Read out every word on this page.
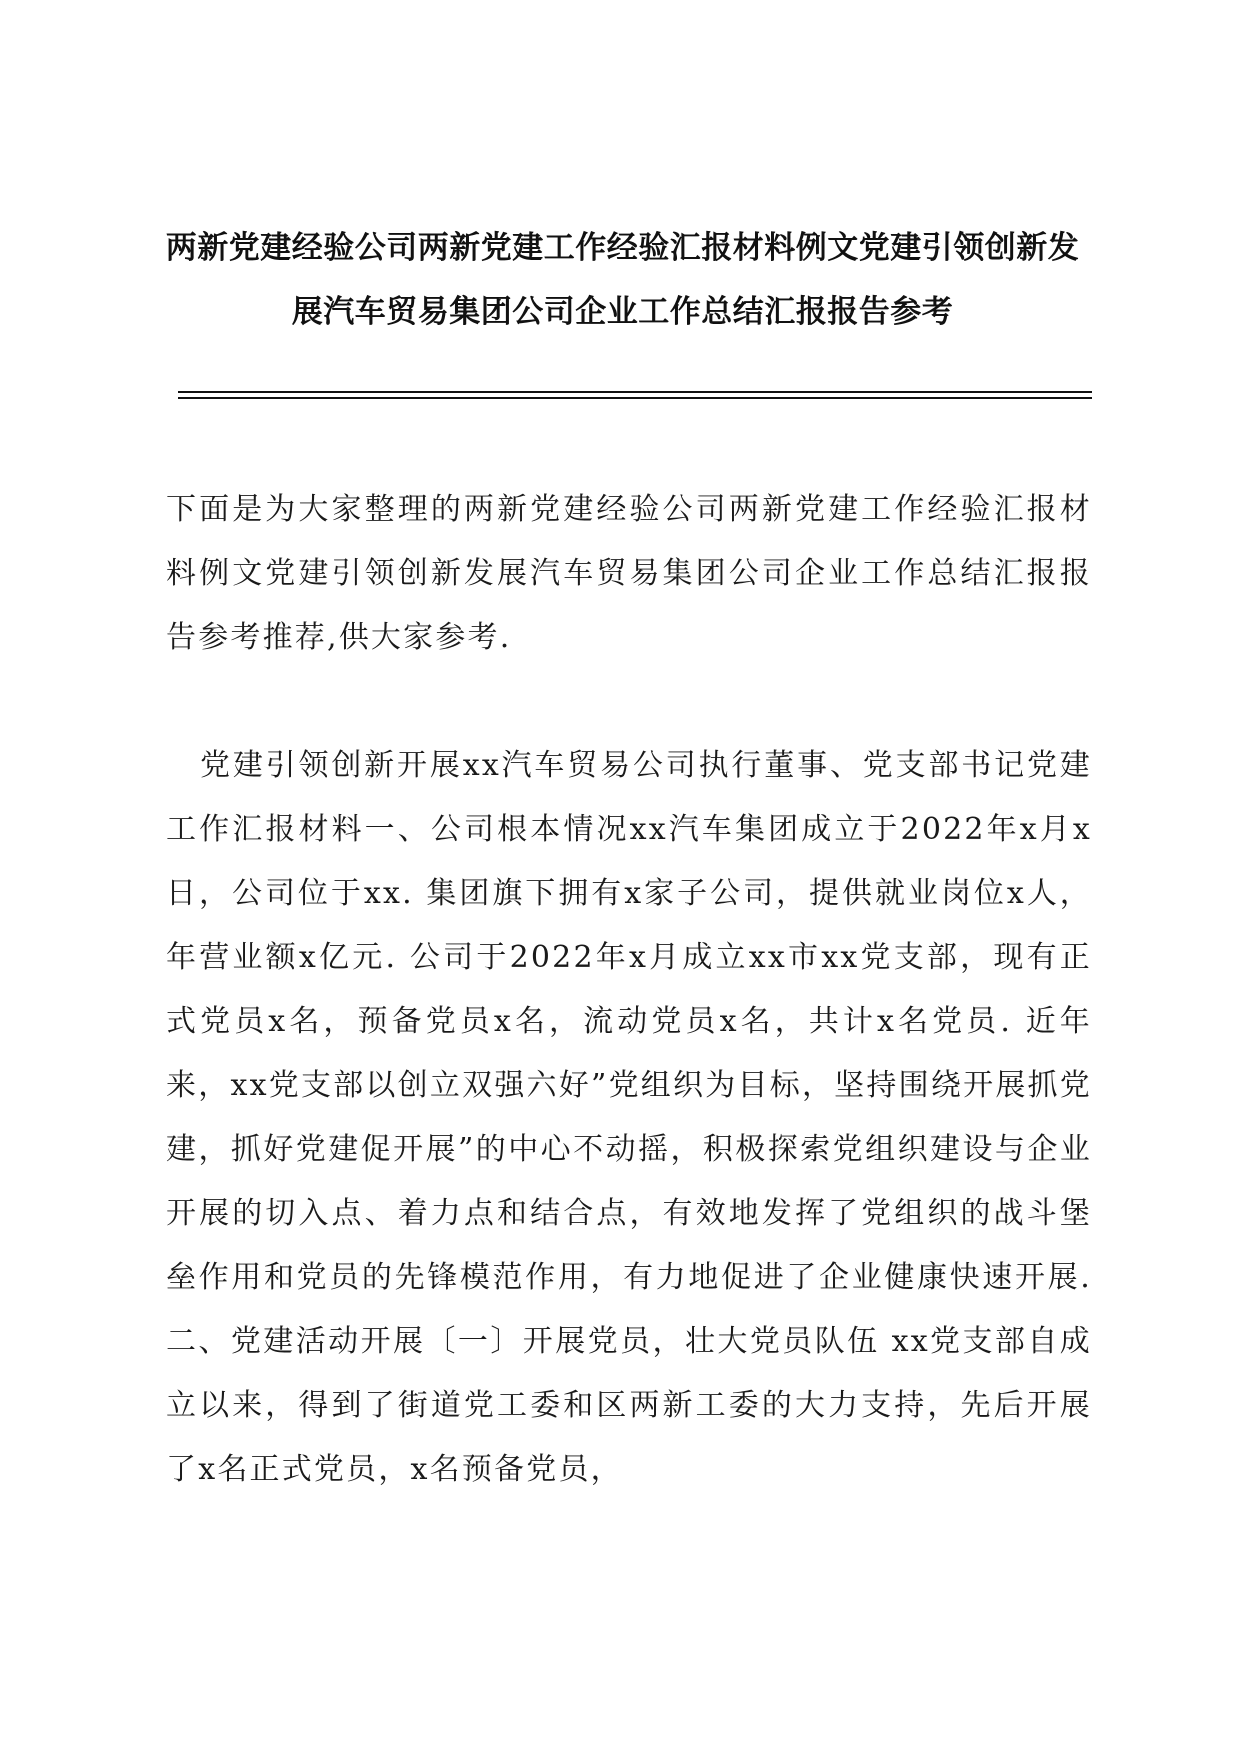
两新党建经验公司两新党建工作经验汇报材料例文党建引领创新发展汽车贸易集团公司企业工作总结汇报报告参考

下面是为大家整理的两新党建经验公司两新党建工作经验汇报材料例文党建引领创新发展汽车贸易集团公司企业工作总结汇报报告参考推荐,供大家参考.

党建引领创新开展xx汽车贸易公司执行董事、党支部书记党建工作汇报材料一、公司根本情况xx汽车集团成立于2022年x月x日，公司位于xx. 集团旗下拥有x家子公司，提供就业岗位x人，年营业额x亿元. 公司于2022年x月成立xx市xx党支部，现有正式党员x名，预备党员x名，流动党员x名，共计x名党员. 近年来，xx党支部以创立双强六好”党组织为目标，坚持围绕开展抓党建，抓好党建促开展”的中心不动摇，积极探索党组织建设与企业开展的切入点、着力点和结合点，有效地发挥了党组织的战斗堡垒作用和党员的先锋模范作用，有力地促进了企业健康快速开展. 二、党建活动开展〔一〕开展党员，壮大党员队伍 xx党支部自成立以来，得到了街道党工委和区两新工委的大力支持，先后开展了x名正式党员，x名预备党员，
